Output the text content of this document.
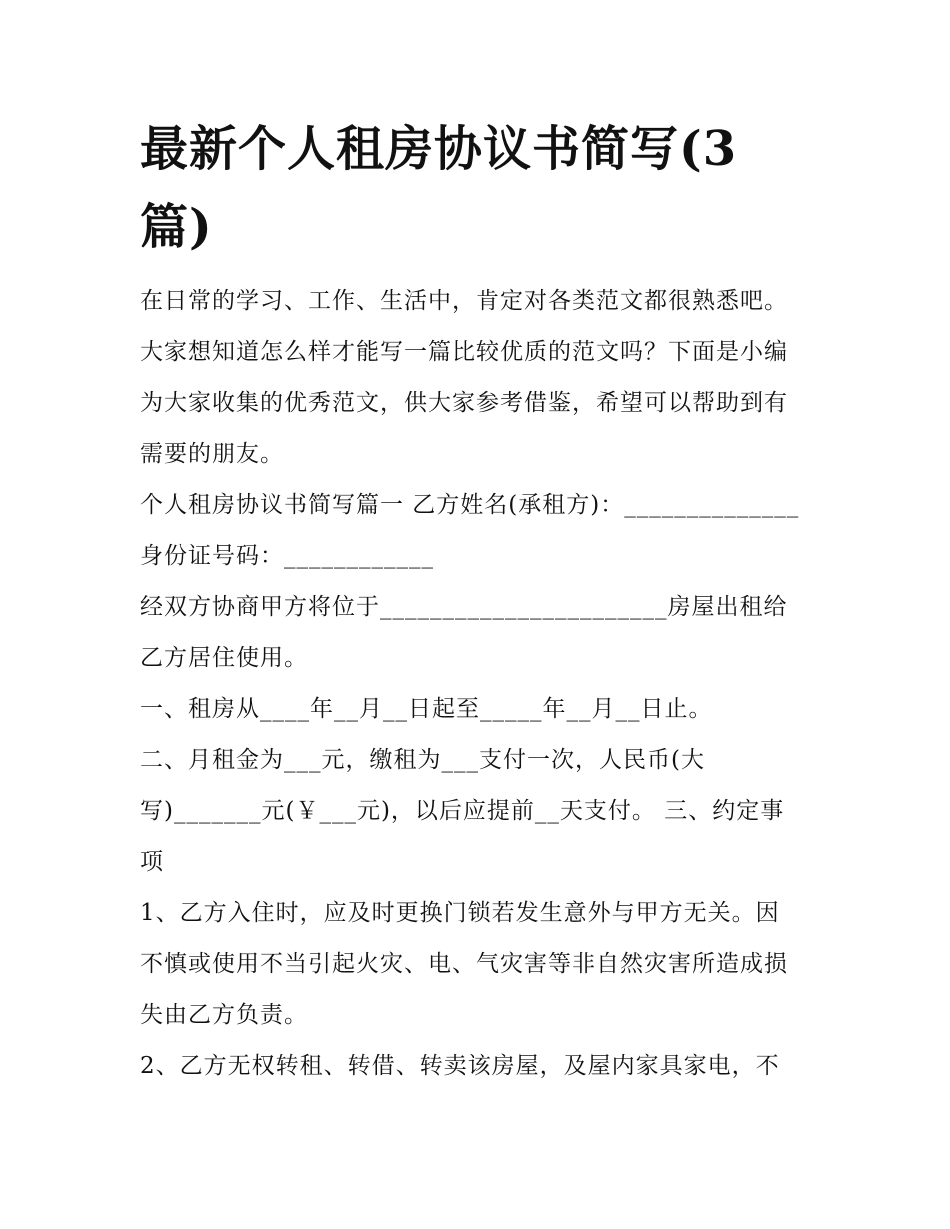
最新个人租房协议书简写(3篇)

在日常的学习、工作、生活中，肯定对各类范文都很熟悉吧。

大家想知道怎么样才能写一篇比较优质的范文吗？下面是小编

为大家收集的优秀范文，供大家参考借鉴，希望可以帮助到有

需要的朋友。

个人租房协议书简写篇一 乙方姓名(承租方)：______________

身份证号码：____________

经双方协商甲方将位于_______________________房屋出租给

乙方居住使用。

一、租房从____年__月__日起至_____年__月__日止。

二、月租金为___元，缴租为___支付一次，人民币(大

写)_______元(￥___元)，以后应提前__天支付。 三、约定事

项

1、乙方入住时，应及时更换门锁若发生意外与甲方无关。因

不慎或使用不当引起火灾、电、气灾害等非自然灾害所造成损

失由乙方负责。

2、乙方无权转租、转借、转卖该房屋，及屋内家具家电，不
